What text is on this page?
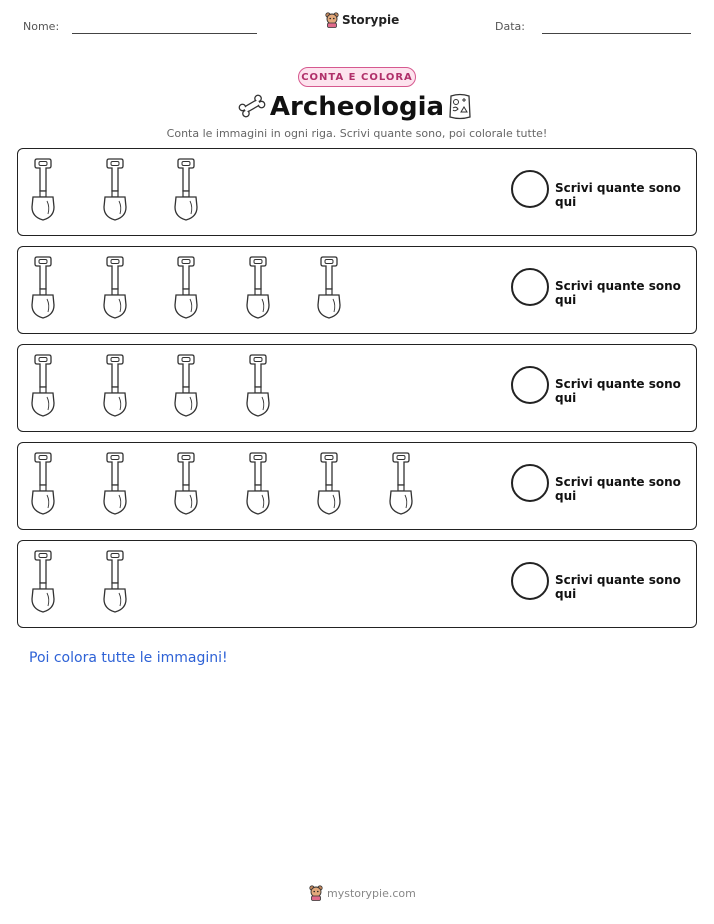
Nome:	Storypie	Data:
CONTA E COLORA
Archeologia
Conta le immagini in ogni riga. Scrivi quante sono, poi colorale tutte!
Scrivi quante sono qui
Scrivi quante sono qui
Scrivi quante sono qui
Scrivi quante sono qui
Scrivi quante sono qui
Poi colora tutte le immagini!
mystorypie.com
